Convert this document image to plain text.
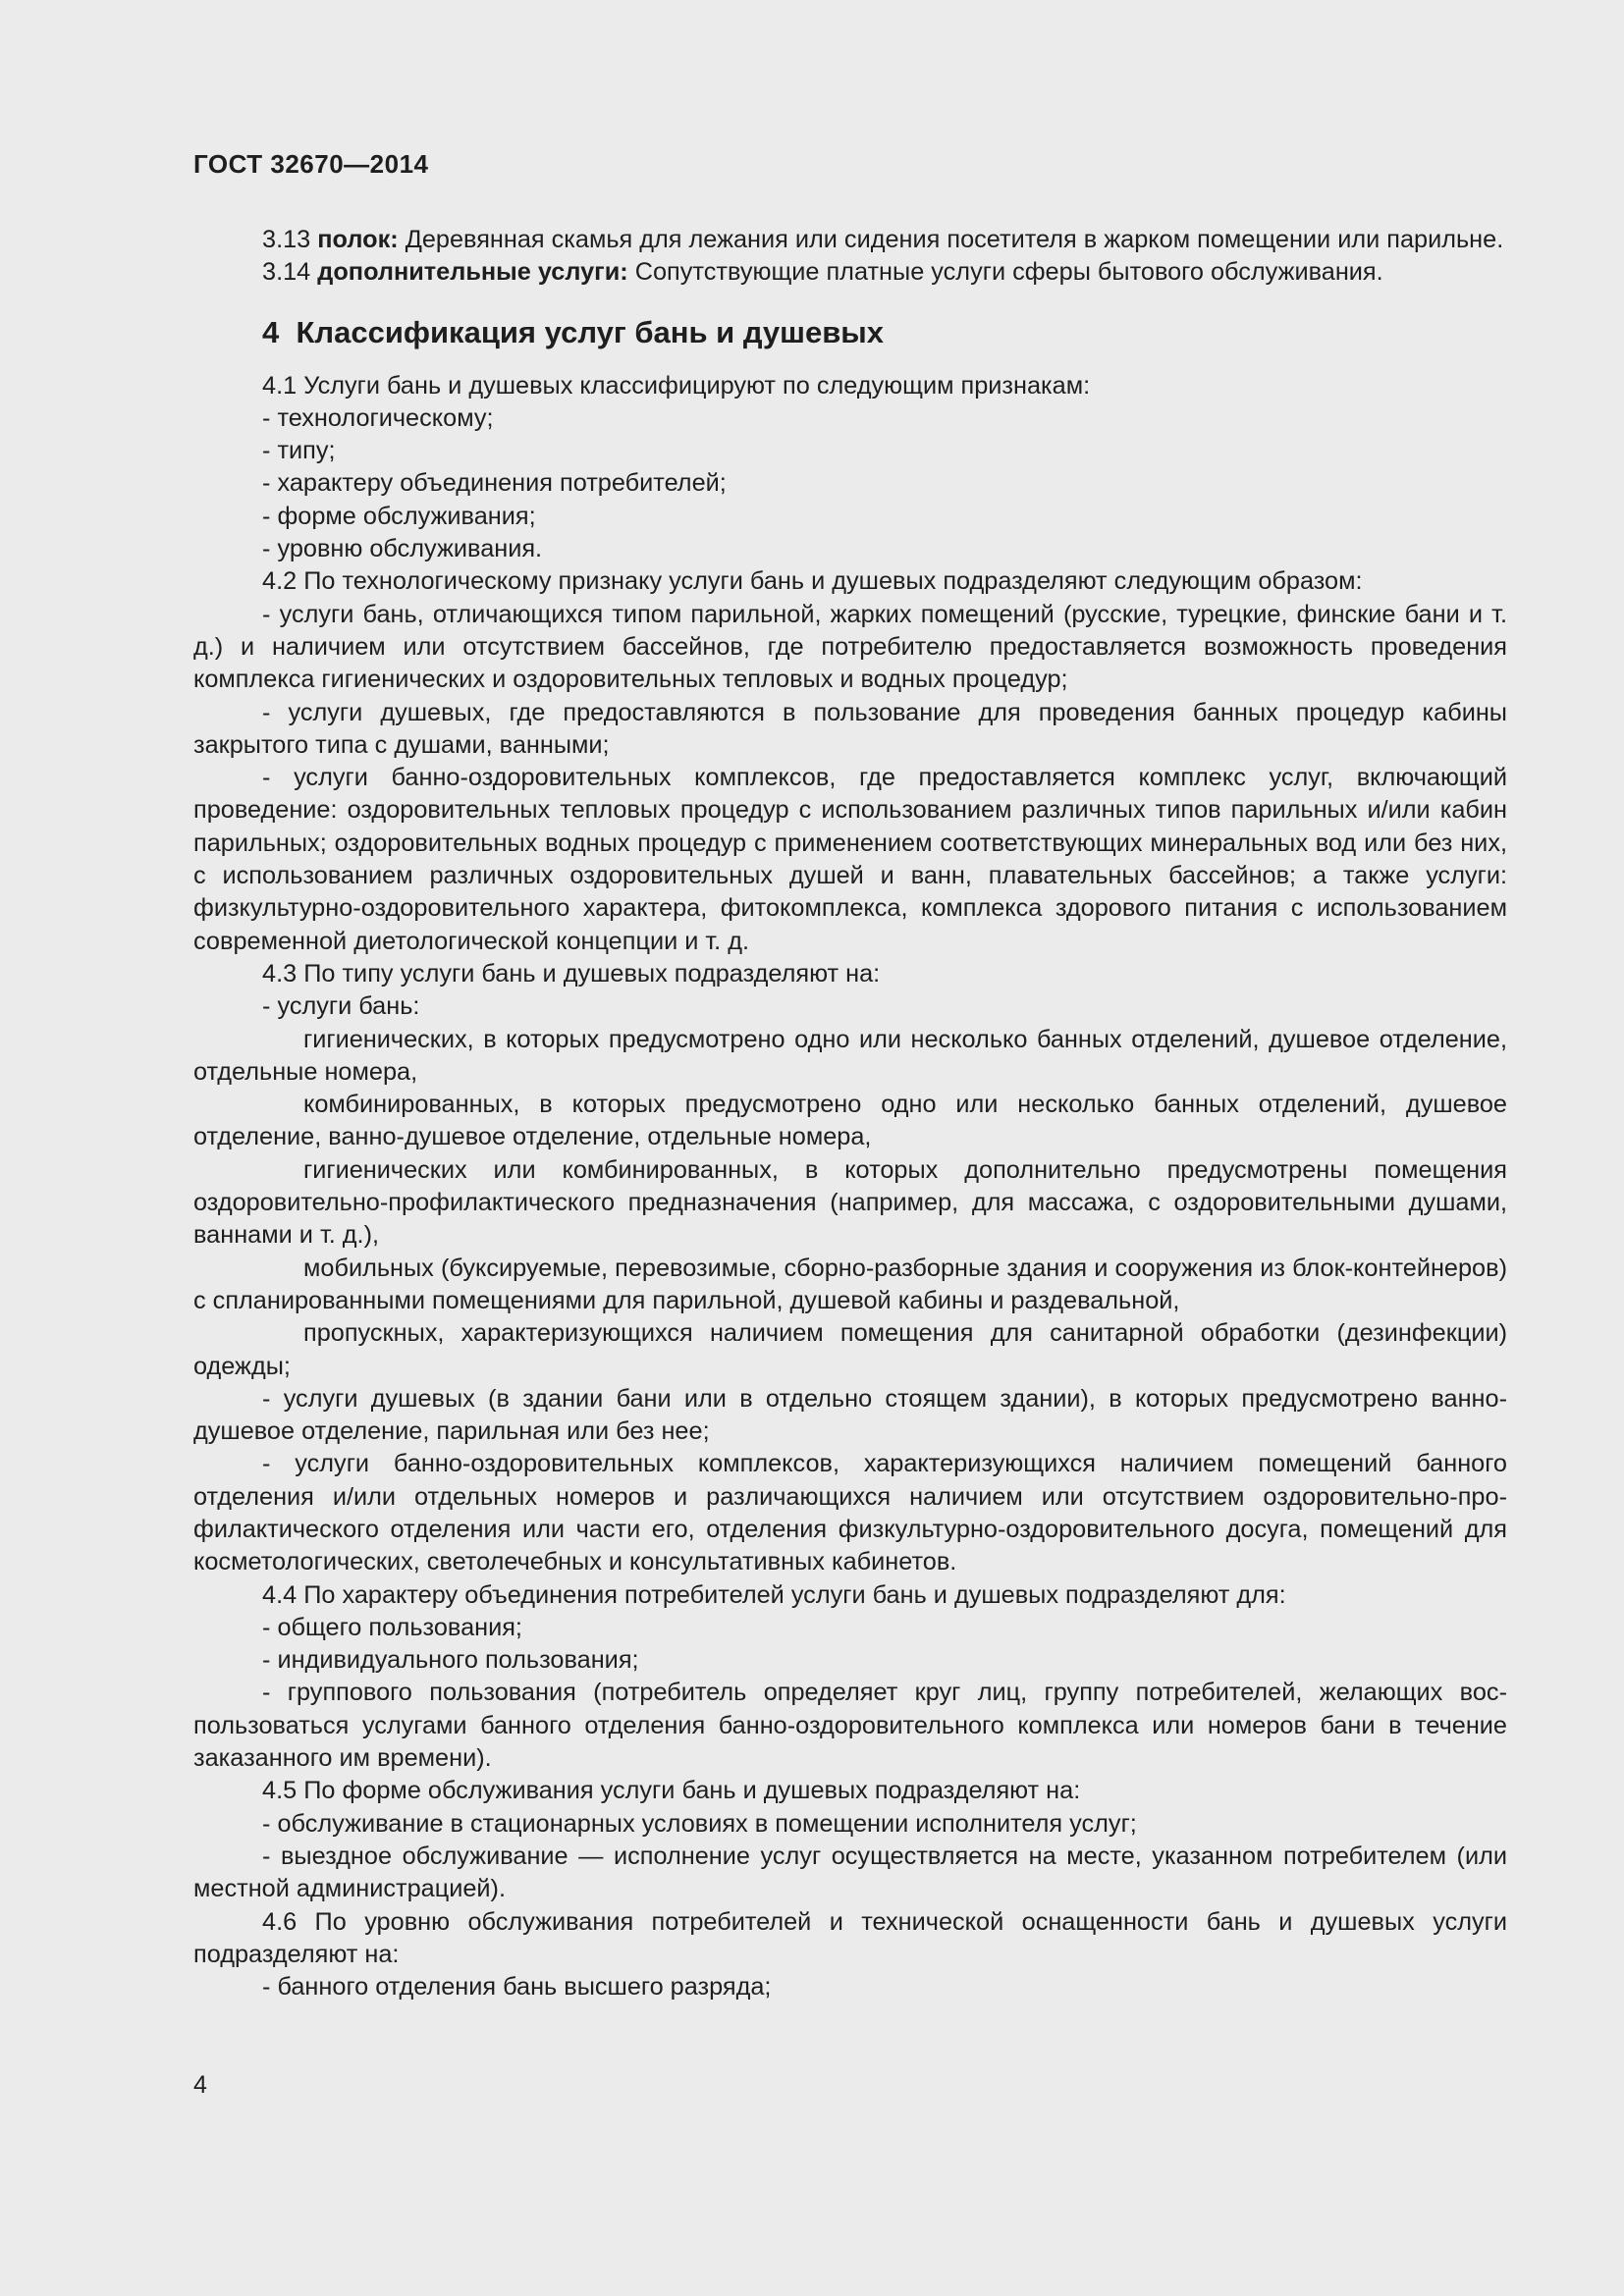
ГОСТ 32670—2014

3.13 полок: Деревянная скамья для лежания или сидения посетителя в жарком помещении или парильне.

3.14 дополнительные услуги: Сопутствующие платные услуги сферы бытового обслуживания.

4 Классификация услуг бань и душевых

4.1 Услуги бань и душевых классифицируют по следующим признакам:

- технологическому;

- типу;

- характеру объединения потребителей;

- форме обслуживания;

- уровню обслуживания.

4.2 По технологическому признаку услуги бань и душевых подразделяют следующим образом:

- услуги бань, отличающихся типом парильной, жарких помещений (русские, турецкие, финские бани и т. д.) и наличием или отсутствием бассейнов, где потребителю предоставляется возможность проведения комплекса гигиенических и оздоровительных тепловых и водных процедур;

- услуги душевых, где предоставляются в пользование для проведения банных процедур кабины закрытого типа с душами, ванными;

- услуги банно-оздоровительных комплексов, где предоставляется комплекс услуг, включающий проведение: оздоровительных тепловых процедур с использованием различных типов парильных и/или кабин парильных; оздоровительных водных процедур с применением соответствующих минеральных вод или без них, с использованием различных оздоровительных душей и ванн, плавательных бассейнов; а также услуги: физкультурно-оздоровительного характера, фитокомплекса, комплекса здорового питания с использованием современной диетологической концепции и т. д.

4.3 По типу услуги бань и душевых подразделяют на:

- услуги бань:

гигиенических, в которых предусмотрено одно или несколько банных отделений, душевое отделение, отдельные номера,

комбинированных, в которых предусмотрено одно или несколько банных отделений, душевое отделение, ванно-душевое отделение, отдельные номера,

гигиенических или комбинированных, в которых дополнительно предусмотрены помещения оздоровительно-профилактического предназначения (например, для массажа, с оздоровительными душами, ваннами и т. д.),

мобильных (буксируемые, перевозимые, сборно-разборные здания и сооружения из блок-контейнеров) с спланированными помещениями для парильной, душевой кабины и раздевальной,

пропускных, характеризующихся наличием помещения для санитарной обработки (дезинфекции) одежды;

- услуги душевых (в здании бани или в отдельно стоящем здании), в которых предусмотрено ванно-душевое отделение, парильная или без нее;

- услуги банно-оздоровительных комплексов, характеризующихся наличием помещений банного отделения и/или отдельных номеров и различающихся наличием или отсутствием оздоровительно-профилактического отделения или части его, отделения физкультурно-оздоровительного досуга, помещений для косметологических, светолечебных и консультативных кабинетов.

4.4 По характеру объединения потребителей услуги бань и душевых подразделяют для:

- общего пользования;

- индивидуального пользования;

- группового пользования (потребитель определяет круг лиц, группу потребителей, желающих воспользоваться услугами банного отделения банно-оздоровительного комплекса или номеров бани в течение заказанного им времени).

4.5 По форме обслуживания услуги бань и душевых подразделяют на:

- обслуживание в стационарных условиях в помещении исполнителя услуг;

- выездное обслуживание — исполнение услуг осуществляется на месте, указанном потребителем (или местной администрацией).

4.6 По уровню обслуживания потребителей и технической оснащенности бань и душевых услуги подразделяют на:

- банного отделения бань высшего разряда;

4
